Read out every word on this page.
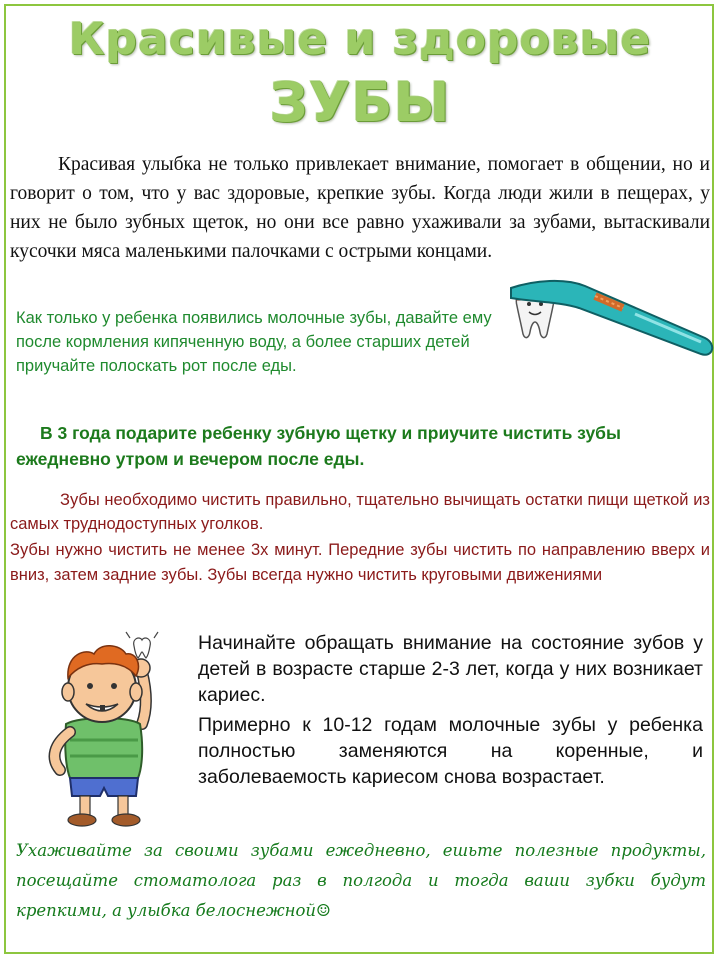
Красивые и здоровые
ЗУБЫ

Красивая улыбка не только привлекает внимание, помогает в общении, но и говорит о том, что у вас здоровые, крепкие зубы. Когда люди жили в пещерах, у них не было зубных щеток, но они все равно ухаживали за зубами, вытаскивали кусочки мяса маленькими палочками с острыми концами.

Как только у ребенка появились молочные зубы, давайте ему после кормления кипяченную воду, а более старших детей приучайте полоскать рот после еды.

В 3 года подарите ребенку зубную щетку и приучите чистить зубы ежедневно утром и вечером после еды.

Зубы необходимо чистить правильно, тщательно вычищать остатки пищи щеткой из самых труднодоступных уголков.

Зубы нужно чистить не менее 3х минут. Передние зубы чистить по направлению вверх и вниз, затем задние зубы. Зубы всегда нужно чистить круговыми движениями

Начинайте обращать внимание на состояние зубов у детей в возрасте старше 2-3 лет, когда у них возникает кариес.

Примерно к 10-12 годам молочные зубы у ребенка полностью заменяются на коренные, и заболеваемость кариесом снова возрастает.

Ухаживайте за своими зубами ежедневно, ешьте полезные продукты, посещайте стоматолога раз в полгода и тогда ваши зубки будут крепкими, а улыбка белоснежной☺
